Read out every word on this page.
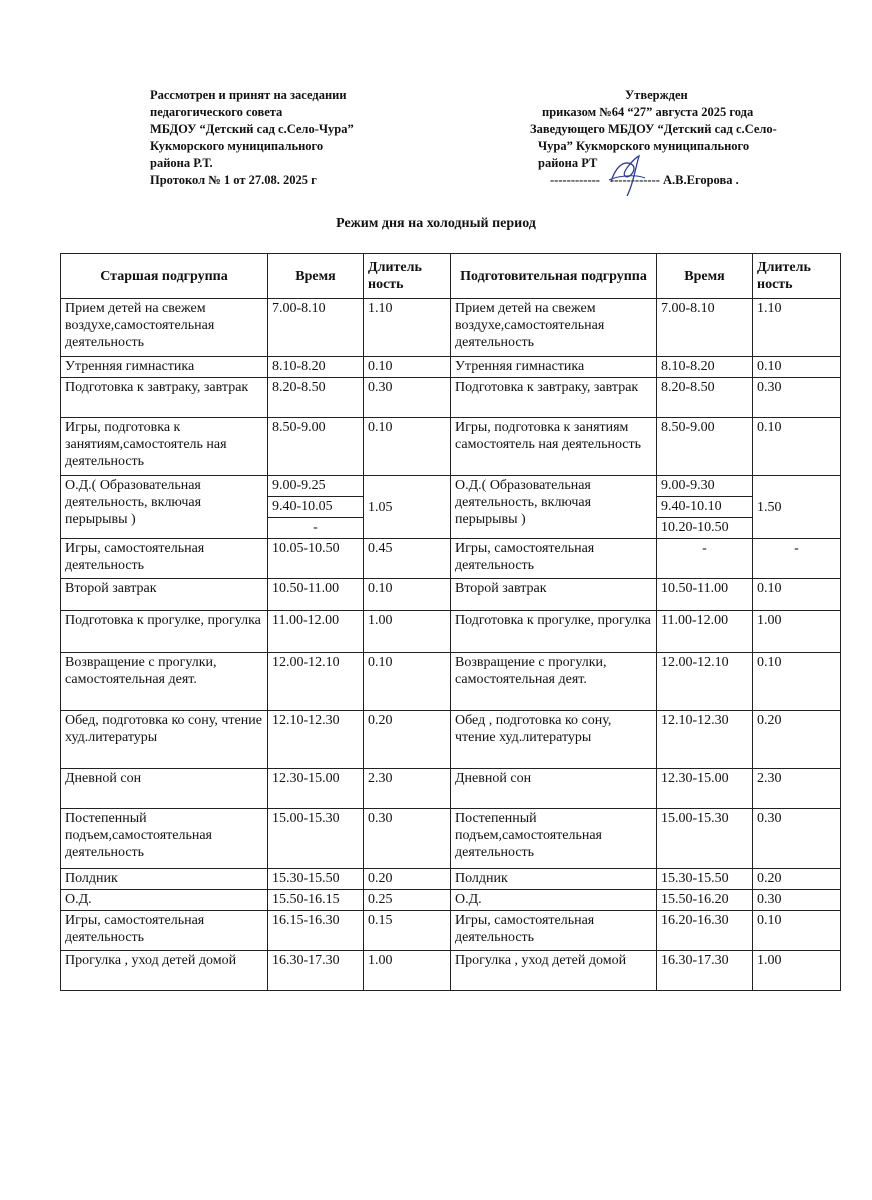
Рассмотрен и принят на заседании
педагогического совета
МБДОУ “Детский сад с.Село-Чура”
Кукморского муниципального
района Р.Т.
Протокол № 1 от 27.08. 2025 г
Утвержден
приказом №64 “27” августа 2025 года
Заведующего МБДОУ “Детский сад с.Село-
Чура” Кукморского муниципального
района РТ
------------ ------------ А.В.Егорова .
Режим дня на холодный период
Старшая подгруппа	Время	Длитель ность	Подготовительная подгруппа	Время	Длитель ность
Прием детей на свежем воздухе,самостоятельная деятельность	7.00-8.10	1.10	Прием детей на свежем воздухе,самостоятельная деятельность	7.00-8.10	1.10
Утренняя гимнастика	8.10-8.20	0.10	Утренняя гимнастика	8.10-8.20	0.10
Подготовка к завтраку, завтрак	8.20-8.50	0.30	Подготовка к завтраку, завтрак	8.20-8.50	0.30
Игры, подготовка к занятиям,самостоятель ная деятельность	8.50-9.00	0.10	Игры, подготовка к занятиям самостоятель ная деятельность	8.50-9.00	0.10
О.Д.( Образовательная деятельность, включая перырывы )	9.00-9.25	1.05	О.Д.( Образовательная деятельность, включая перырывы )	9.00-9.30	1.50
	9.40-10.05			9.40-10.10	
	-			10.20-10.50	
Игры, самостоятельная деятельность	10.05-10.50	0.45	Игры, самостоятельная деятельность	-	-
Второй завтрак	10.50-11.00	0.10	Второй завтрак	10.50-11.00	0.10
Подготовка к прогулке, прогулка	11.00-12.00	1.00	Подготовка к прогулке, прогулка	11.00-12.00	1.00
Возвращение с прогулки, самостоятельная деят.	12.00-12.10	0.10	Возвращение с прогулки, самостоятельная деят.	12.00-12.10	0.10
Обед, подготовка ко сону, чтение худ.литературы	12.10-12.30	0.20	Обед , подготовка ко сону, чтение худ.литературы	12.10-12.30	0.20
Дневной сон	12.30-15.00	2.30	Дневной сон	12.30-15.00	2.30
Постепенный подъем,самостоятельная деятельность	15.00-15.30	0.30	Постепенный подъем,самостоятельная деятельность	15.00-15.30	0.30
Полдник	15.30-15.50	0.20	Полдник	15.30-15.50	0.20
О.Д.	15.50-16.15	0.25	О.Д.	15.50-16.20	0.30
Игры, самостоятельная деятельность	16.15-16.30	0.15	Игры, самостоятельная деятельность	16.20-16.30	0.10
Прогулка , уход детей домой	16.30-17.30	1.00	Прогулка , уход детей домой	16.30-17.30	1.00
